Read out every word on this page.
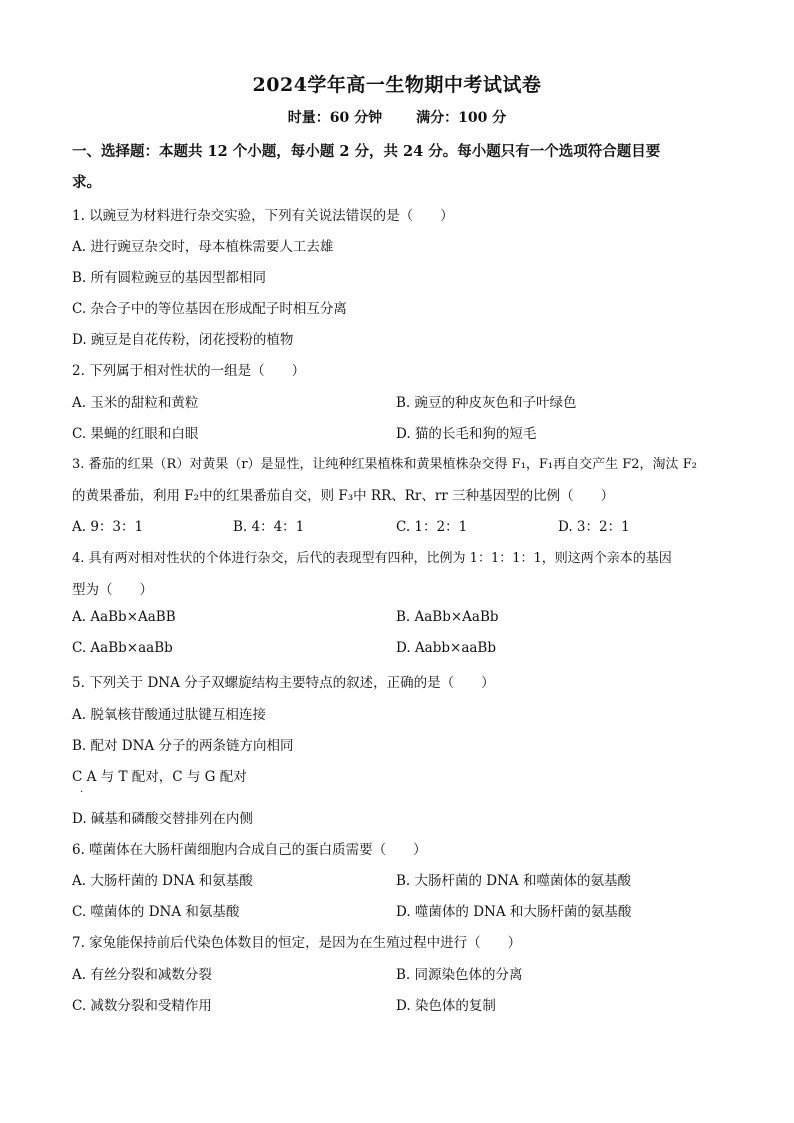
2024学年高一生物期中考试试卷
时量：60 分钟 满分：100 分
一、选择题：本题共 12 个小题，每小题 2 分，共 24 分。每小题只有一个选项符合题目要
求。
1. 以豌豆为材料进行杂交实验，下列有关说法错误的是（　　）
A. 进行豌豆杂交时，母本植株需要人工去雄
B. 所有圆粒豌豆的基因型都相同
C. 杂合子中的等位基因在形成配子时相互分离
D. 豌豆是自花传粉，闭花授粉的植物
2. 下列属于相对性状的一组是（　　）
A. 玉米的甜粒和黄粒	B. 豌豆的种皮灰色和子叶绿色
C. 果蝇的红眼和白眼	D. 猫的长毛和狗的短毛
3. 番茄的红果（R）对黄果（r）是显性，让纯种红果植株和黄果植株杂交得 F₁，F₁再自交产生 F2，淘汰 F₂
的黄果番茄，利用 F₂中的红果番茄自交，则 F₃中 RR、Rr、rr 三种基因型的比例（　　）
A. 9：3：1	B. 4：4：1	C. 1：2：1	D. 3：2：1
4. 具有两对相对性状的个体进行杂交，后代的表现型有四种，比例为 1：1：1：1，则这两个亲本的基因
型为（　　）
A. AaBb×AaBB	B. AaBb×AaBb
C. AaBb×aaBb	D. Aabb×aaBb
5. 下列关于 DNA 分子双螺旋结构主要特点的叙述，正确的是（　　）
A. 脱氧核苷酸通过肽键互相连接
B. 配对 DNA 分子的两条链方向相同
C A 与 T 配对，C 与 G 配对
.
D. 碱基和磷酸交替排列在内侧
6. 噬菌体在大肠杆菌细胞内合成自己的蛋白质需要（　　）
A. 大肠杆菌的 DNA 和氨基酸	B. 大肠杆菌的 DNA 和噬菌体的氨基酸
C. 噬菌体的 DNA 和氨基酸	D. 噬菌体的 DNA 和大肠杆菌的氨基酸
7. 家兔能保持前后代染色体数目的恒定，是因为在生殖过程中进行（　　）
A. 有丝分裂和减数分裂	B. 同源染色体的分离
C. 减数分裂和受精作用	D. 染色体的复制
